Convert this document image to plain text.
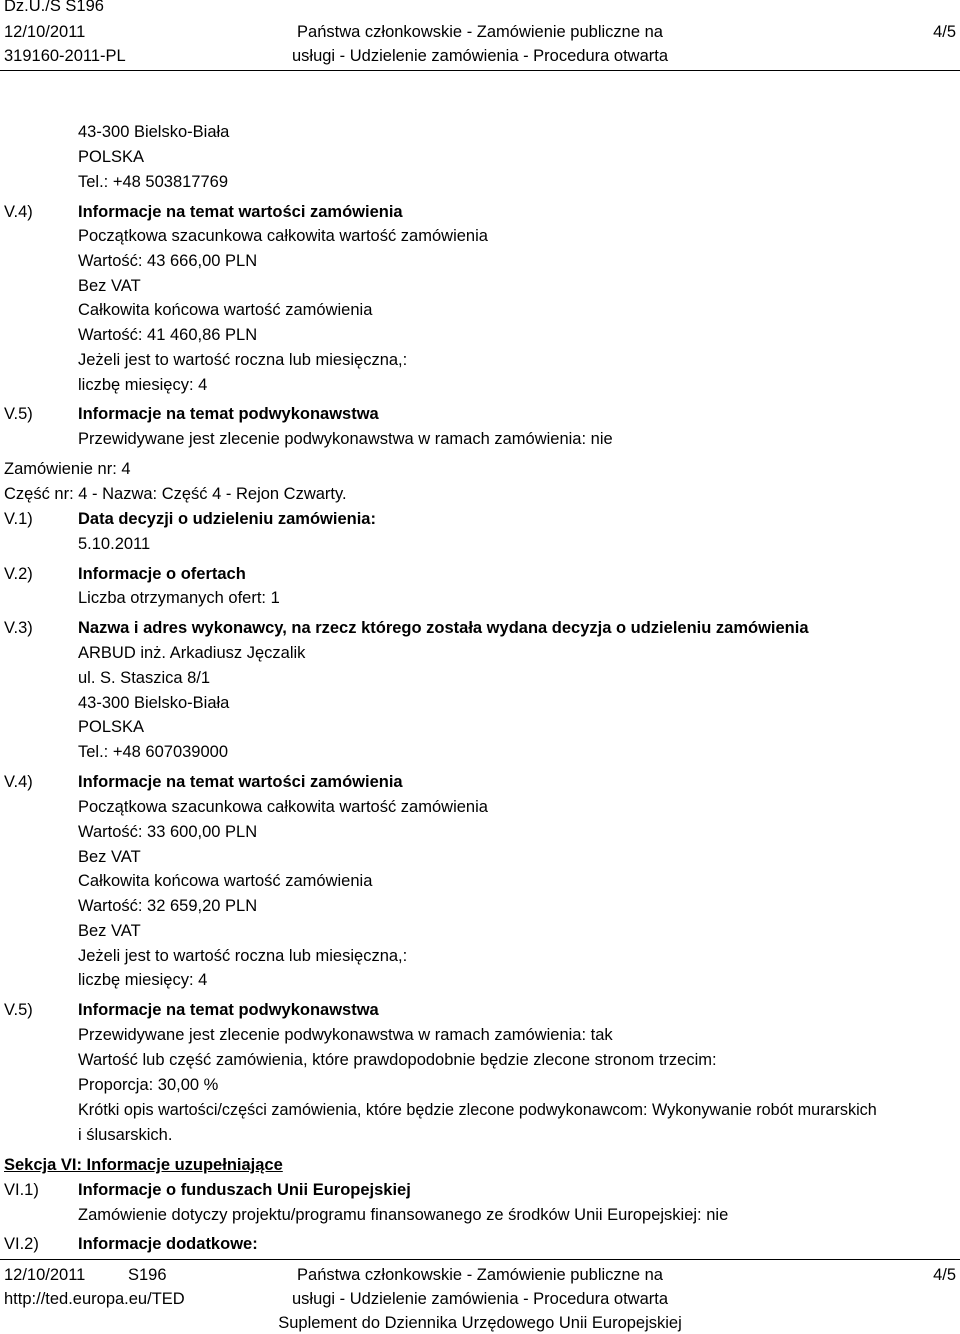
Dz.U./S S196
12/10/2011
319160-2011-PL
Państwa członkowskie - Zamówienie publiczne na
usługi - Udzielenie zamówienia - Procedura otwarta
4/5
43-300 Bielsko-Biała
POLSKA
Tel.: +48 503817769
V.4)	Informacje na temat wartości zamówienia
Początkowa szacunkowa całkowita wartość zamówienia
Wartość: 43 666,00 PLN
Bez VAT
Całkowita końcowa wartość zamówienia
Wartość: 41 460,86 PLN
Jeżeli jest to wartość roczna lub miesięczna,:
liczbę miesięcy: 4
V.5)	Informacje na temat podwykonawstwa
Przewidywane jest zlecenie podwykonawstwa w ramach zamówienia: nie
Zamówienie nr: 4
Część nr: 4 - Nazwa: Część 4 - Rejon Czwarty.
V.1)	Data decyzji o udzieleniu zamówienia:
5.10.2011
V.2)	Informacje o ofertach
Liczba otrzymanych ofert: 1
V.3)	Nazwa i adres wykonawcy, na rzecz którego została wydana decyzja o udzieleniu zamówienia
ARBUD inż. Arkadiusz Jęczalik
ul. S. Staszica 8/1
43-300 Bielsko-Biała
POLSKA
Tel.: +48 607039000
V.4)	Informacje na temat wartości zamówienia
Początkowa szacunkowa całkowita wartość zamówienia
Wartość: 33 600,00 PLN
Bez VAT
Całkowita końcowa wartość zamówienia
Wartość: 32 659,20 PLN
Bez VAT
Jeżeli jest to wartość roczna lub miesięczna,:
liczbę miesięcy: 4
V.5)	Informacje na temat podwykonawstwa
Przewidywane jest zlecenie podwykonawstwa w ramach zamówienia: tak
Wartość lub część zamówienia, które prawdopodobnie będzie zlecone stronom trzecim:
Proporcja: 30,00 %
Krótki opis wartości/części zamówienia, które będzie zlecone podwykonawcom: Wykonywanie robót murarskich
i ślusarskich.
Sekcja VI: Informacje uzupełniające
VI.1) Informacje o funduszach Unii Europejskiej
Zamówienie dotyczy projektu/programu finansowanego ze środków Unii Europejskiej: nie
VI.2) Informacje dodatkowe:
12/10/2011	S196
http://ted.europa.eu/TED
Państwa członkowskie - Zamówienie publiczne na
usługi - Udzielenie zamówienia - Procedura otwarta
Suplement do Dziennika Urzędowego Unii Europejskiej
4/5
